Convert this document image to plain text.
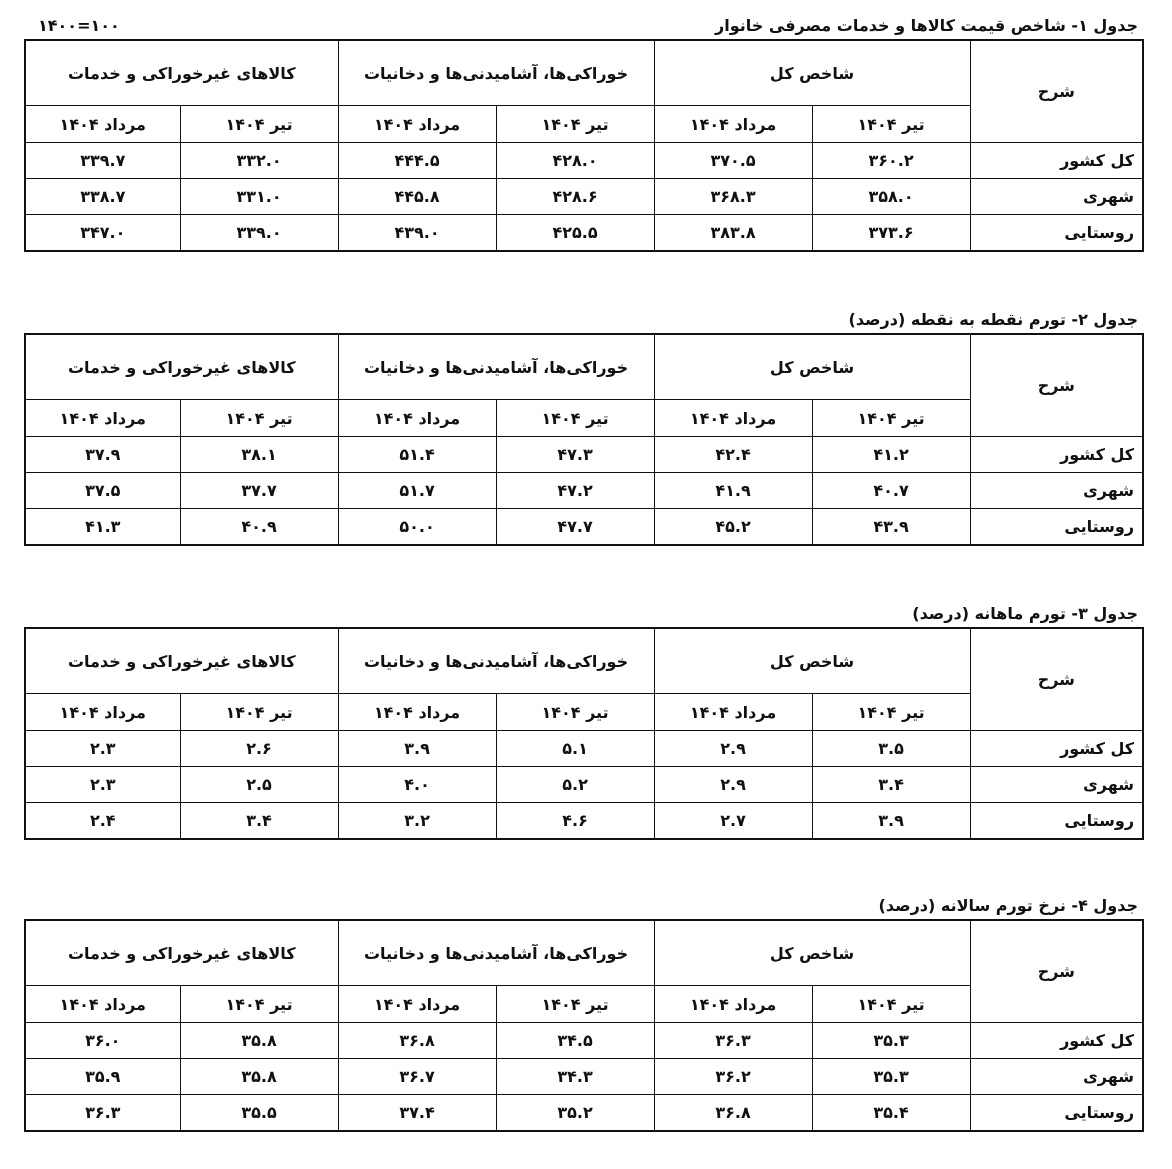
۱۰۰=۱۴۰۰	جدول ۱- شاخص قیمت کالاها و خدمات مصرفی خانوار
شرح	شاخص کل		خوراکی‌ها، آشامیدنی‌ها و دخانیات		کالاهای غیرخوراکی و خدمات	
	تیر ۱۴۰۴	مرداد ۱۴۰۴	تیر ۱۴۰۴	مرداد ۱۴۰۴	تیر ۱۴۰۴	مرداد ۱۴۰۴
کل کشور	۳۶۰.۲	۳۷۰.۵	۴۲۸.۰	۴۴۴.۵	۳۳۲.۰	۳۳۹.۷
شهری	۳۵۸.۰	۳۶۸.۳	۴۲۸.۶	۴۴۵.۸	۳۳۱.۰	۳۳۸.۷
روستایی	۳۷۳.۶	۳۸۳.۸	۴۲۵.۵	۴۳۹.۰	۳۳۹.۰	۳۴۷.۰
جدول ۲- تورم نقطه به نقطه (درصد)
شرح	شاخص کل		خوراکی‌ها، آشامیدنی‌ها و دخانیات		کالاهای غیرخوراکی و خدمات	
	تیر ۱۴۰۴	مرداد ۱۴۰۴	تیر ۱۴۰۴	مرداد ۱۴۰۴	تیر ۱۴۰۴	مرداد ۱۴۰۴
کل کشور	۴۱.۲	۴۲.۴	۴۷.۳	۵۱.۴	۳۸.۱	۳۷.۹
شهری	۴۰.۷	۴۱.۹	۴۷.۲	۵۱.۷	۳۷.۷	۳۷.۵
روستایی	۴۳.۹	۴۵.۲	۴۷.۷	۵۰.۰	۴۰.۹	۴۱.۳
جدول ۳- تورم ماهانه (درصد)
شرح	شاخص کل		خوراکی‌ها، آشامیدنی‌ها و دخانیات		کالاهای غیرخوراکی و خدمات	
	تیر ۱۴۰۴	مرداد ۱۴۰۴	تیر ۱۴۰۴	مرداد ۱۴۰۴	تیر ۱۴۰۴	مرداد ۱۴۰۴
کل کشور	۳.۵	۲.۹	۵.۱	۳.۹	۲.۶	۲.۳
شهری	۳.۴	۲.۹	۵.۲	۴.۰	۲.۵	۲.۳
روستایی	۳.۹	۲.۷	۴.۶	۳.۲	۳.۴	۲.۴
جدول ۴- نرخ تورم سالانه (درصد)
شرح	شاخص کل		خوراکی‌ها، آشامیدنی‌ها و دخانیات		کالاهای غیرخوراکی و خدمات	
	تیر ۱۴۰۴	مرداد ۱۴۰۴	تیر ۱۴۰۴	مرداد ۱۴۰۴	تیر ۱۴۰۴	مرداد ۱۴۰۴
کل کشور	۳۵.۳	۳۶.۳	۳۴.۵	۳۶.۸	۳۵.۸	۳۶.۰
شهری	۳۵.۳	۳۶.۲	۳۴.۳	۳۶.۷	۳۵.۸	۳۵.۹
روستایی	۳۵.۴	۳۶.۸	۳۵.۲	۳۷.۴	۳۵.۵	۳۶.۳
